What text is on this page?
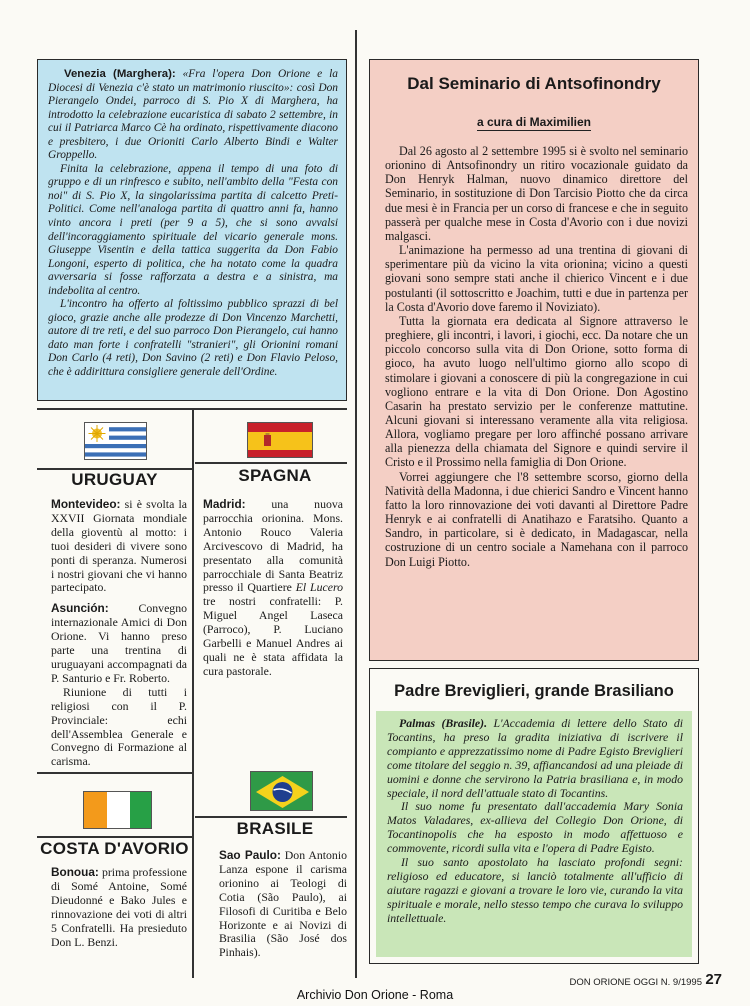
Venezia (Marghera): «Fra l'opera Don Orione e la Diocesi di Venezia c'è stato un matrimonio riuscito»: così Don Pierangelo Ondei, parroco di S. Pio X di Marghera, ha introdotto la celebrazione eucaristica di sabato 2 settembre, in cui il Patriarca Marco Cè ha ordinato, rispettivamente diacono e presbitero, i due Orioniti Carlo Alberto Bindi e Walter Groppello.

Finita la celebrazione, appena il tempo di una foto di gruppo e di un rinfresco e subito, nell'ambito della "Festa con noi" di S. Pio X, la singolarissima partita di calcetto Preti-Politici. Come nell'analoga partita di quattro anni fa, hanno vinto ancora i preti (per 9 a 5), che si sono avvalsi dell'incoraggiamento spirituale del vicario generale mons. Giuseppe Visentin e della tattica suggerita da Don Fabio Longoni, esperto di politica, che ha notato come la quadra avversaria si fosse rafforzata a destra e a sinistra, ma indebolita al centro.

L'incontro ha offerto al foltissimo pubblico sprazzi di bel gioco, grazie anche alle prodezze di Don Vincenzo Marchetti, autore di tre reti, e del suo parroco Don Pierangelo, cui hanno dato man forte i confratelli "stranieri", gli Orionini romani Don Carlo (4 reti), Don Savino (2 reti) e Don Flavio Peloso, che è addirittura consigliere generale dell'Ordine.

URUGUAY

Montevideo: si è svolta la XXVII Giornata mondiale della gioventù al motto: i tuoi desideri di vivere sono ponti di speranza. Numerosi i nostri giovani che vi hanno partecipato.

Asunción:	Convegno internazionale Amici di Don Orione. Vi hanno preso parte una trentina di uruguayani accompagnati da P. Santurio e Fr. Roberto.

Riunione di tutti i religiosi con il P. Provinciale: echi dell'Assemblea Generale e Convegno di Formazione al carisma.

SPAGNA

Madrid: una nuova parrocchia orionina. Mons. Antonio Rouco Valeria Arcivescovo di Madrid, ha presentato alla comunità parrocchiale di Santa Beatriz presso il Quartiere El Lucero tre nostri confratelli: P. Miguel Angel Laseca (Parroco), P. Luciano Garbelli e Manuel Andres ai quali ne è stata affidata la cura pastorale.

COSTA D'AVORIO

Bonoua: prima professione di Somé Antoine, Somé Dieudonné e Bako Jules e rinnovazione dei voti di altri 5 Confratelli. Ha presieduto Don L. Benzi.

BRASILE

Sao Paulo: Don Antonio Lanza espone il carisma orionino ai Teologi di Cotia (São Paulo), ai Filosofi di Curitiba e Belo Horizonte e ai Novizi di Brasilia (São José dos Pinhais).

Dal Seminario di Antsofinondry
a cura di Maximilien

Dal 26 agosto al 2 settembre 1995 si è svolto nel seminario orionino di Antsofinondry un ritiro vocazionale guidato da Don Henryk Halman, nuovo dinamico direttore del Seminario, in sostituzione di Don Tarcisio Piotto che da circa due mesi è in Francia per un corso di francese e che in seguito passerà per qualche mese in Costa d'Avorio con i due novizi malgasci.

L'animazione ha permesso ad una trentina di giovani di sperimentare più da vicino la vita orionina; vicino a questi giovani sono sempre stati anche il chierico Vincent e i due postulanti (il sottoscritto e Joachim, tutti e due in partenza per la Costa d'Avorio dove faremo il Noviziato).

Tutta la giornata era dedicata al Signore attraverso le preghiere, gli incontri, i lavori, i giochi, ecc. Da notare che un piccolo concorso sulla vita di Don Orione, sotto forma di gioco, ha avuto luogo nell'ultimo giorno allo scopo di stimolare i giovani a conoscere di più la congregazione in cui vogliono entrare e la vita di Don Orione. Don Agostino Casarin ha prestato servizio per le conferenze mattutine. Alcuni giovani si interessano veramente alla vita religiosa. Allora, vogliamo pregare per loro affinché possano arrivare alla pienezza della chiamata del Signore e quindi servire il Cristo e il Prossimo nella famiglia di Don Orione.

Vorrei aggiungere che l'8 settembre scorso, giorno della Natività della Madonna, i due chierici Sandro e Vincent hanno fatto la loro rinnovazione dei voti davanti al Direttore Padre Henryk e ai confratelli di Anatihazo e Faratsiho. Quanto a Sandro, in particolare, si è dedicato, in Madagascar, nella costruzione di un centro sociale a Namehana con il parroco Don Luigi Piotto.

Padre Breviglieri, grande Brasiliano

Palmas (Brasile). L'Accademia di lettere dello Stato di Tocantins, ha preso la gradita iniziativa di iscrivere il compianto e apprezzatissimo nome di Padre Egisto Breviglieri come titolare del seggio n. 39, affiancandosi ad una pleiade di uomini e donne che servirono la Patria brasiliana e, in modo speciale, il nord dell'attuale stato di Tocantins.

Il suo nome fu presentato dall'accademia Mary Sonia Matos Valadares, ex-allieva del Collegio Don Orione, di Tocantinopolis che ha esposto in modo affettuoso e commovente, ricordi sulla vita e l'opera di Padre Egisto.

Il suo santo apostolato ha lasciato profondi segni: religioso ed educatore, si lanciò totalmente all'ufficio di aiutare ragazzi e giovani a trovare le loro vie, curando la vita spirituale e morale, nello stesso tempo che curava lo sviluppo intellettuale.

DON ORIONE OGGI N. 9/1995 27
Archivio Don Orione - Roma
